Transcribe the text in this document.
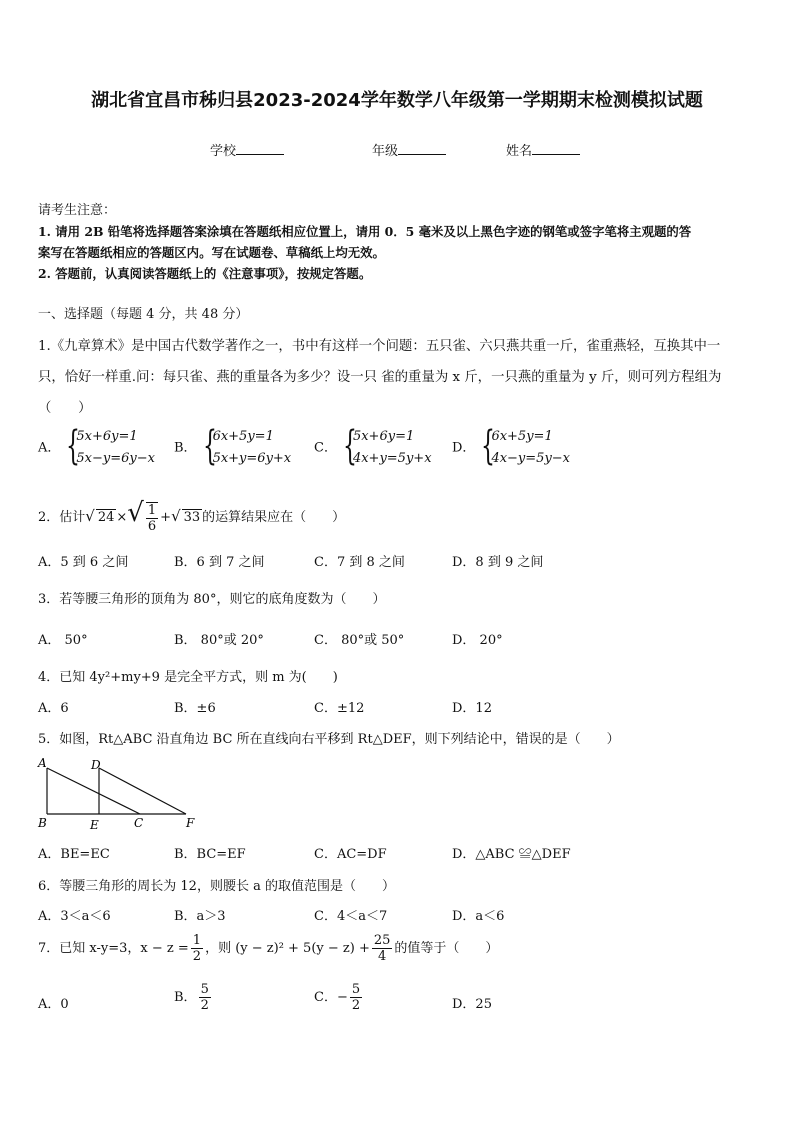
湖北省宜昌市秭归县2023-2024学年数学八年级第一学期期末检测模拟试题
学校	年级	姓名
请考生注意：
1. 请用 2B 铅笔将选择题答案涂填在答题纸相应位置上，请用 0．5 毫米及以上黑色字迹的钢笔或签字笔将主观题的答
案写在答题纸相应的答题区内。写在试题卷、草稿纸上均无效。
2. 答题前，认真阅读答题纸上的《注意事项》，按规定答题。
一、选择题（每题 4 分，共 48 分）
1.《九章算术》是中国古代数学著作之一，书中有这样一个问题：五只雀、六只燕共重一斤，雀重燕轻，互换其中一
只，恰好一样重.问：每只雀、燕的重量各为多少？设一只 雀的重量为 x 斤，一只燕的重量为 y 斤，则可列方程组为
（　　）
A． {
5x+6y=1
5x−y=6y−x
B． {
6x+5y=1
5x+y=6y+x
C． {
5x+6y=1
4x+y=5y+x
D． {
6x+5y=1
4x−y=5y−x
2．估计√ 24 ×√ $\frac{1}{6}$ +√ 33 的运算结果应在（　　）
A．5 到 6 之间	B．6 到 7 之间	C．7 到 8 之间	D．8 到 9 之间
3．若等腰三角形的顶角为 80°，则它的底角度数为（　　）
A． 50°	B． 80°或 20°	C． 80°或 50°	D． 20°
4．已知 4y²+my+9 是完全平方式，则 m 为(　　)
A．6	B．±6	C．±12	D．12
5．如图，Rt△ABC 沿直角边 BC 所在直线向右平移到 Rt△DEF，则下列结论中，错误的是（　　）
A
B
D
E	C	F
A．BE=EC	B．BC=EF	C．AC=DF	D．△ABC ≌△DEF
6．等腰三角形的周长为 12，则腰长 a 的取值范围是（　　）
A．3＜a＜6	B．a＞3	C．4＜a＜7	D．a＜6
7．已知 x-y=3，$x - z = \frac{1}{2}$ ，则 $(y - z)^2 + 5(y - z) + \frac{25}{4}$ 的值等于（　　）
A．0	B． $\frac{5}{2}$	C．− $\frac{5}{2}$	D．25
